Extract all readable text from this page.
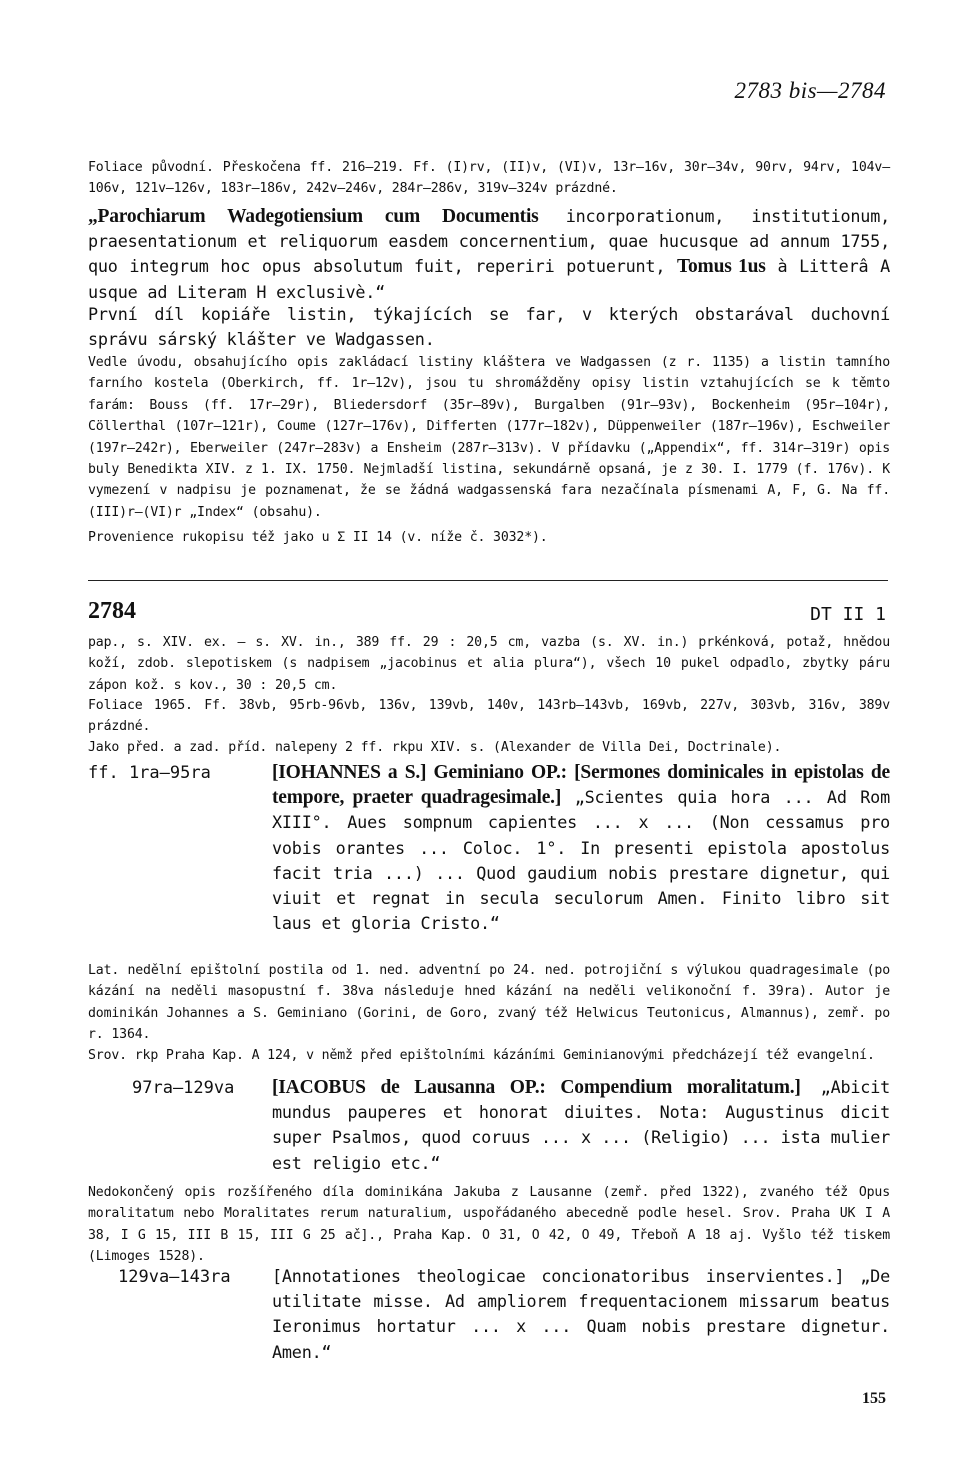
2783 bis—2784

Foliace původní. Přeskočena ff. 216—219. Ff. (I)rv, (II)v, (VI)v, 13r—16v, 30r—34v, 90rv, 94rv, 104v—106v, 121v—126v, 183r—186v, 242v—246v, 284r—286v, 319v—324v prázdné.

„Parochiarum Wadegotiensium cum Documentis incorporationum, institutionum, praesentationum et reliquorum easdem concernentium, quae hucusque ad annum 1755, quo integrum hoc opus absolutum fuit, reperiri potuerunt, Tomus 1us à Litterâ A usque ad Literam H exclusivè.“

První díl kopiáře listin, týkajících se far, v kterých obstarával duchovní správu sárský klášter ve Wadgassen.

Vedle úvodu, obsahujícího opis zakládací listiny kláštera ve Wadgassen (z r. 1135) a listin tamního farního kostela (Oberkirch, ff. 1r—12v), jsou tu shromážděny opisy listin vztahujících se k těmto farám: Bouss (ff. 17r—29r), Bliedersdorf (35r—89v), Burgalben (91r—93v), Bockenheim (95r—104r), Cöllerthal (107r—121r), Coume (127r—176v), Differten (177r—182v), Düppenweiler (187r—196v), Eschweiler (197r—242r), Eberweiler (247r—283v) a Ensheim (287r—313v). V přídavku („Appendix“, ff. 314r—319r) opis buly Benedikta XIV. z 1. IX. 1750. Nejmladší listina, sekundárně opsaná, je z 30. I. 1779 (f. 176v). K vymezení v nadpisu je poznamenat, že se žádná wadgassenská fara nezačínala písmenami A, F, G. Na ff. (III)r—(VI)r „Index“ (obsahu).

Provenience rukopisu též jako u Σ II 14 (v. níže č. 3032*).

2784	DT II 1

pap., s. XIV. ex. — s. XV. in., 389 ff. 29 : 20,5 cm, vazba (s. XV. in.) prkénková, potaž, hnědou koží, zdob. slepotiskem (s nadpisem „jacobinus et alia plura“), všech 10 pukel odpadlo, zbytky páru zápon kož. s kov., 30 : 20,5 cm.

Foliace 1965. Ff. 38vb, 95rb-96vb, 136v, 139vb, 140v, 143rb—143vb, 169vb, 227v, 303vb, 316v, 389v prázdné.

Jako před. a zad. příd. nalepeny 2 ff. rkpu XIV. s. (Alexander de Villa Dei, Doctrinale).

ff. 1ra—95ra	[IOHANNES a S.] Geminiano OP.: [Sermones dominicales in epistolas de tempore, praeter quadragesimale.] „Scientes quia hora ... Ad Rom XIII°. Aues sompnum capientes ... x ... (Non cessamus pro vobis orantes ... Coloc. 1°. In presenti epistola apostolus facit tria ...) ... Quod gaudium nobis prestare dignetur, qui viuit et regnat in secula seculorum Amen. Finito libro sit laus et gloria Cristo.“

Lat. nedělní epištolní postila od 1. ned. adventní po 24. ned. potrojiční s výlukou quadragesimale (po kázání na neděli masopustní f. 38va následuje hned kázání na neděli velikonoční f. 39ra). Autor je dominikán Johannes a S. Geminiano (Gorini, de Goro, zvaný též Helwicus Teutonicus, Almannus), zemř. po r. 1364.

Srov. rkp Praha Kap. A 124, v němž před epištolními kázáními Geminianovými předcházejí též evangelní.

97ra—129va [IACOBUS de Lausanna OP.: Compendium moralitatum.] „Abicit mundus pauperes et honorat diuites. Nota: Augustinus dicit super Psalmos, quod coruus ... x ... (Religio) ... ista mulier est religio etc.“

Nedokončený opis rozšířeného díla dominikána Jakuba z Lausanne (zemř. před 1322), zvaného též Opus moralitatum nebo Moralitates rerum naturalium, uspořádaného abecedně podle hesel. Srov. Praha UK I A 38, I G 15, III B 15, III G 25 ač]., Praha Kap. O 31, O 42, O 49, Třeboň A 18 aj. Vyšlo též tiskem (Limoges 1528).

129va—143ra [Annotationes theologicae concionatoribus inservientes.] „De utilitate misse. Ad ampliorem frequentacionem missarum beatus Ieronimus hortatur ... x ... Quam nobis prestare dignetur. Amen.“

155
